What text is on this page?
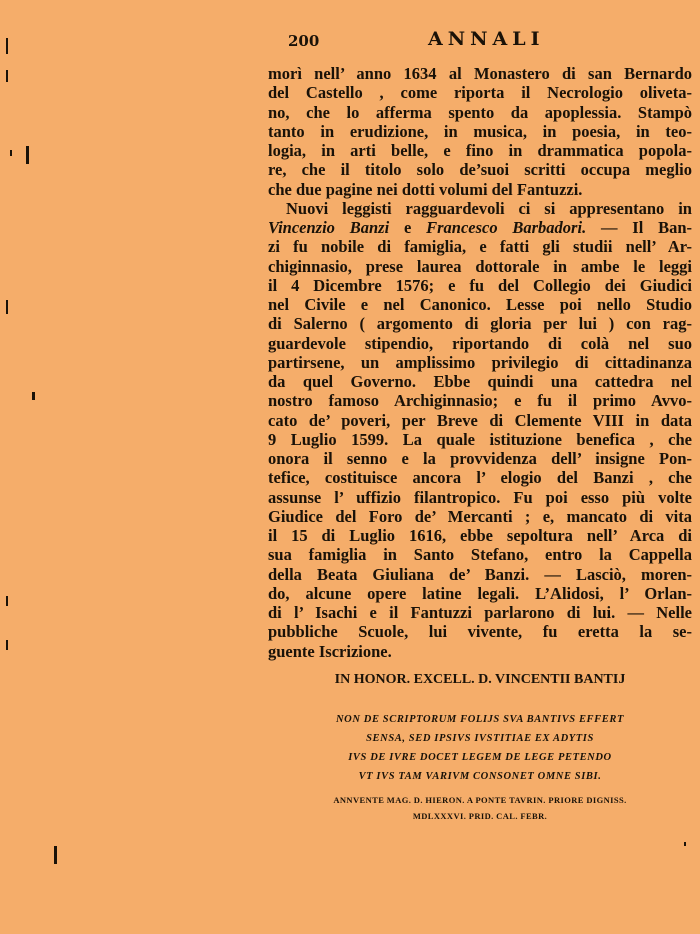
200	ANNALI
morì nell’ anno 1634 al Monastero di san Bernardo
del Castello , come riporta il Necrologio oliveta-
no, che lo afferma spento da apoplessia. Stampò
tanto in erudizione, in musica, in poesia, in teo-
logia, in arti belle, e fino in drammatica popola-
re, che il titolo solo de’suoi scritti occupa meglio
che due pagine nei dotti volumi del Fantuzzi.
Nuovi leggisti ragguardevoli ci si appresentano in
Vincenzio Banzi e Francesco Barbadori. — Il Ban-
zi fu nobile di famiglia, e fatti gli studii nell’ Ar-
chiginnasio, prese laurea dottorale in ambe le leggi
il 4 Dicembre 1576; e fu del Collegio dei Giudici
nel Civile e nel Canonico. Lesse poi nello Studio
di Salerno ( argomento di gloria per lui ) con rag-
guardevole stipendio, riportando di colà nel suo
partirsene, un amplissimo privilegio di cittadinanza
da quel Governo. Ebbe quindi una cattedra nel
nostro famoso Archiginnasio; e fu il primo Avvo-
cato de’ poveri, per Breve di Clemente VIII in data
9 Luglio 1599. La quale istituzione benefica , che
onora il senno e la provvidenza dell’ insigne Pon-
tefice, costituisce ancora l’ elogio del Banzi , che
assunse l’ uffizio filantropico. Fu poi esso più volte
Giudice del Foro de’ Mercanti ; e, mancato di vita
il 15 di Luglio 1616, ebbe sepoltura nell’ Arca di
sua famiglia in Santo Stefano, entro la Cappella
della Beata Giuliana de’ Banzi. — Lasciò, moren-
do, alcune opere latine legali. L’Alidosi, l’ Orlan-
di l’ Isachi e il Fantuzzi parlarono di lui. — Nelle
pubbliche Scuole, lui vivente, fu eretta la se-
guente Iscrizione.
IN HONOR. EXCELL. D. VINCENTII BANTIJ
NON DE SCRIPTORUM FOLIJS SVA BANTIVS EFFERT
SENSA, SED IPSIVS IVSTITIAE EX ADYTIS
IVS DE IVRE DOCET LEGEM DE LEGE PETENDO
VT IVS TAM VARIVM CONSONET OMNE SIBI.
ANNVENTE MAG. D. HIERON. A PONTE TAVRIN. PRIORE DIGNISS.
MDLXXXVI. PRID. CAL. FEBR.
